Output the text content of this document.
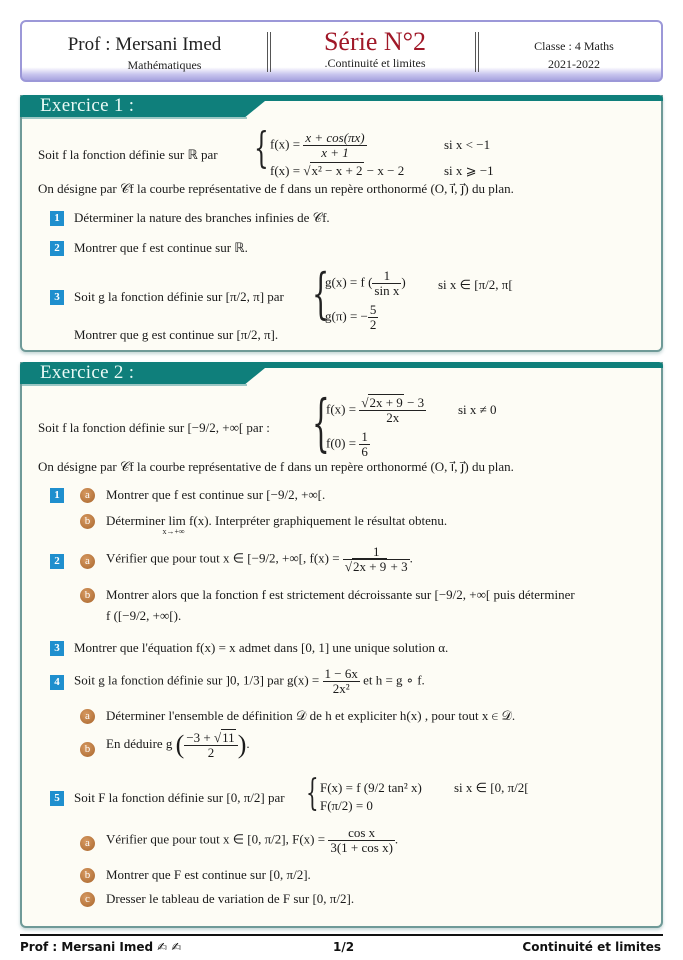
Prof : Mersani Imed
Mathématiques
Série N°2
.Continuité et limites
Classe : 4 Maths
2021-2022
Exercice 1 :
Soit f la fonction définie sur ℝ par { $f(x) = \frac{x + \cos(\pi x)}{x + 1}$	si x < −1
f(x) = √x² − x + 2 − x − 2	si x ⩾ −1
On désigne par 𝒞f la courbe représentative de f dans un repère orthonormé (O, i⃗, j⃗) du plan.
1	Déterminer la nature des branches infinies de 𝒞f.
2	Montrer que f est continue sur ℝ.
3	Soit g la fonction définie sur [π/2, π] par {
g(x) = f ( $\frac{1}{\text{sin x}}$ ) si x ∈ [π/2, π[
g(π) = − $\frac{5}{2}$
Montrer que g est continue sur [π/2, π].
Exercice 2 :
Soit f la fonction définie sur [−9/2, +∞[ par : {
$f(x) = \frac{√2x + 9 - 3}{2x}$ si x ≠ 0
$f(0) = \frac{1}{6}$
On désigne par 𝒞f la courbe représentative de f dans un repère orthonormé (O, i⃗, j⃗) du plan.
1	a	Montrer que f est continue sur [−9/2, +∞[.
b	Déterminer lim
x→+∞
f(x). Interpréter graphiquement le résultat obtenu.
2	a	Vérifier que pour tout x ∈ [−9/2, +∞[, $f(x) = \frac{1}{√2x + 9 + 3}$ .
b	Montrer alors que la fonction f est strictement décroissante sur [−9/2, +∞[ puis déterminer
f ([−9/2, +∞[).
3	Montrer que l'équation f(x) = x admet dans [0, 1] une unique solution α.
4	Soit g la fonction définie sur ]0, 1/3] par $g(x) = \frac{1 - 6x}{\text{2x²}}$ et h = g ∘ f.
a	Déterminer l'ensemble de définition 𝒟 de h et expliciter h(x) , pour tout x ∈ 𝒟.
b	En déduire g ( $\frac{-3 + √11}{2}$ ).
5	Soit F la fonction définie sur [0, π/2] par { F(x) = f (9/2 tan² x) si x ∈ [0, π/2[
F(π/2) = 0
a	Vérifier que pour tout x ∈ [0, π/2], $F(x) = \frac{\text{cos x}}{\text{3(1 + cos x)}}$ .
b	Montrer que F est continue sur [0, π/2].
c	Dresser le tableau de variation de F sur [0, π/2].
Prof : Mersani Imed ✍ ✍	1/2	Continuité et limites
